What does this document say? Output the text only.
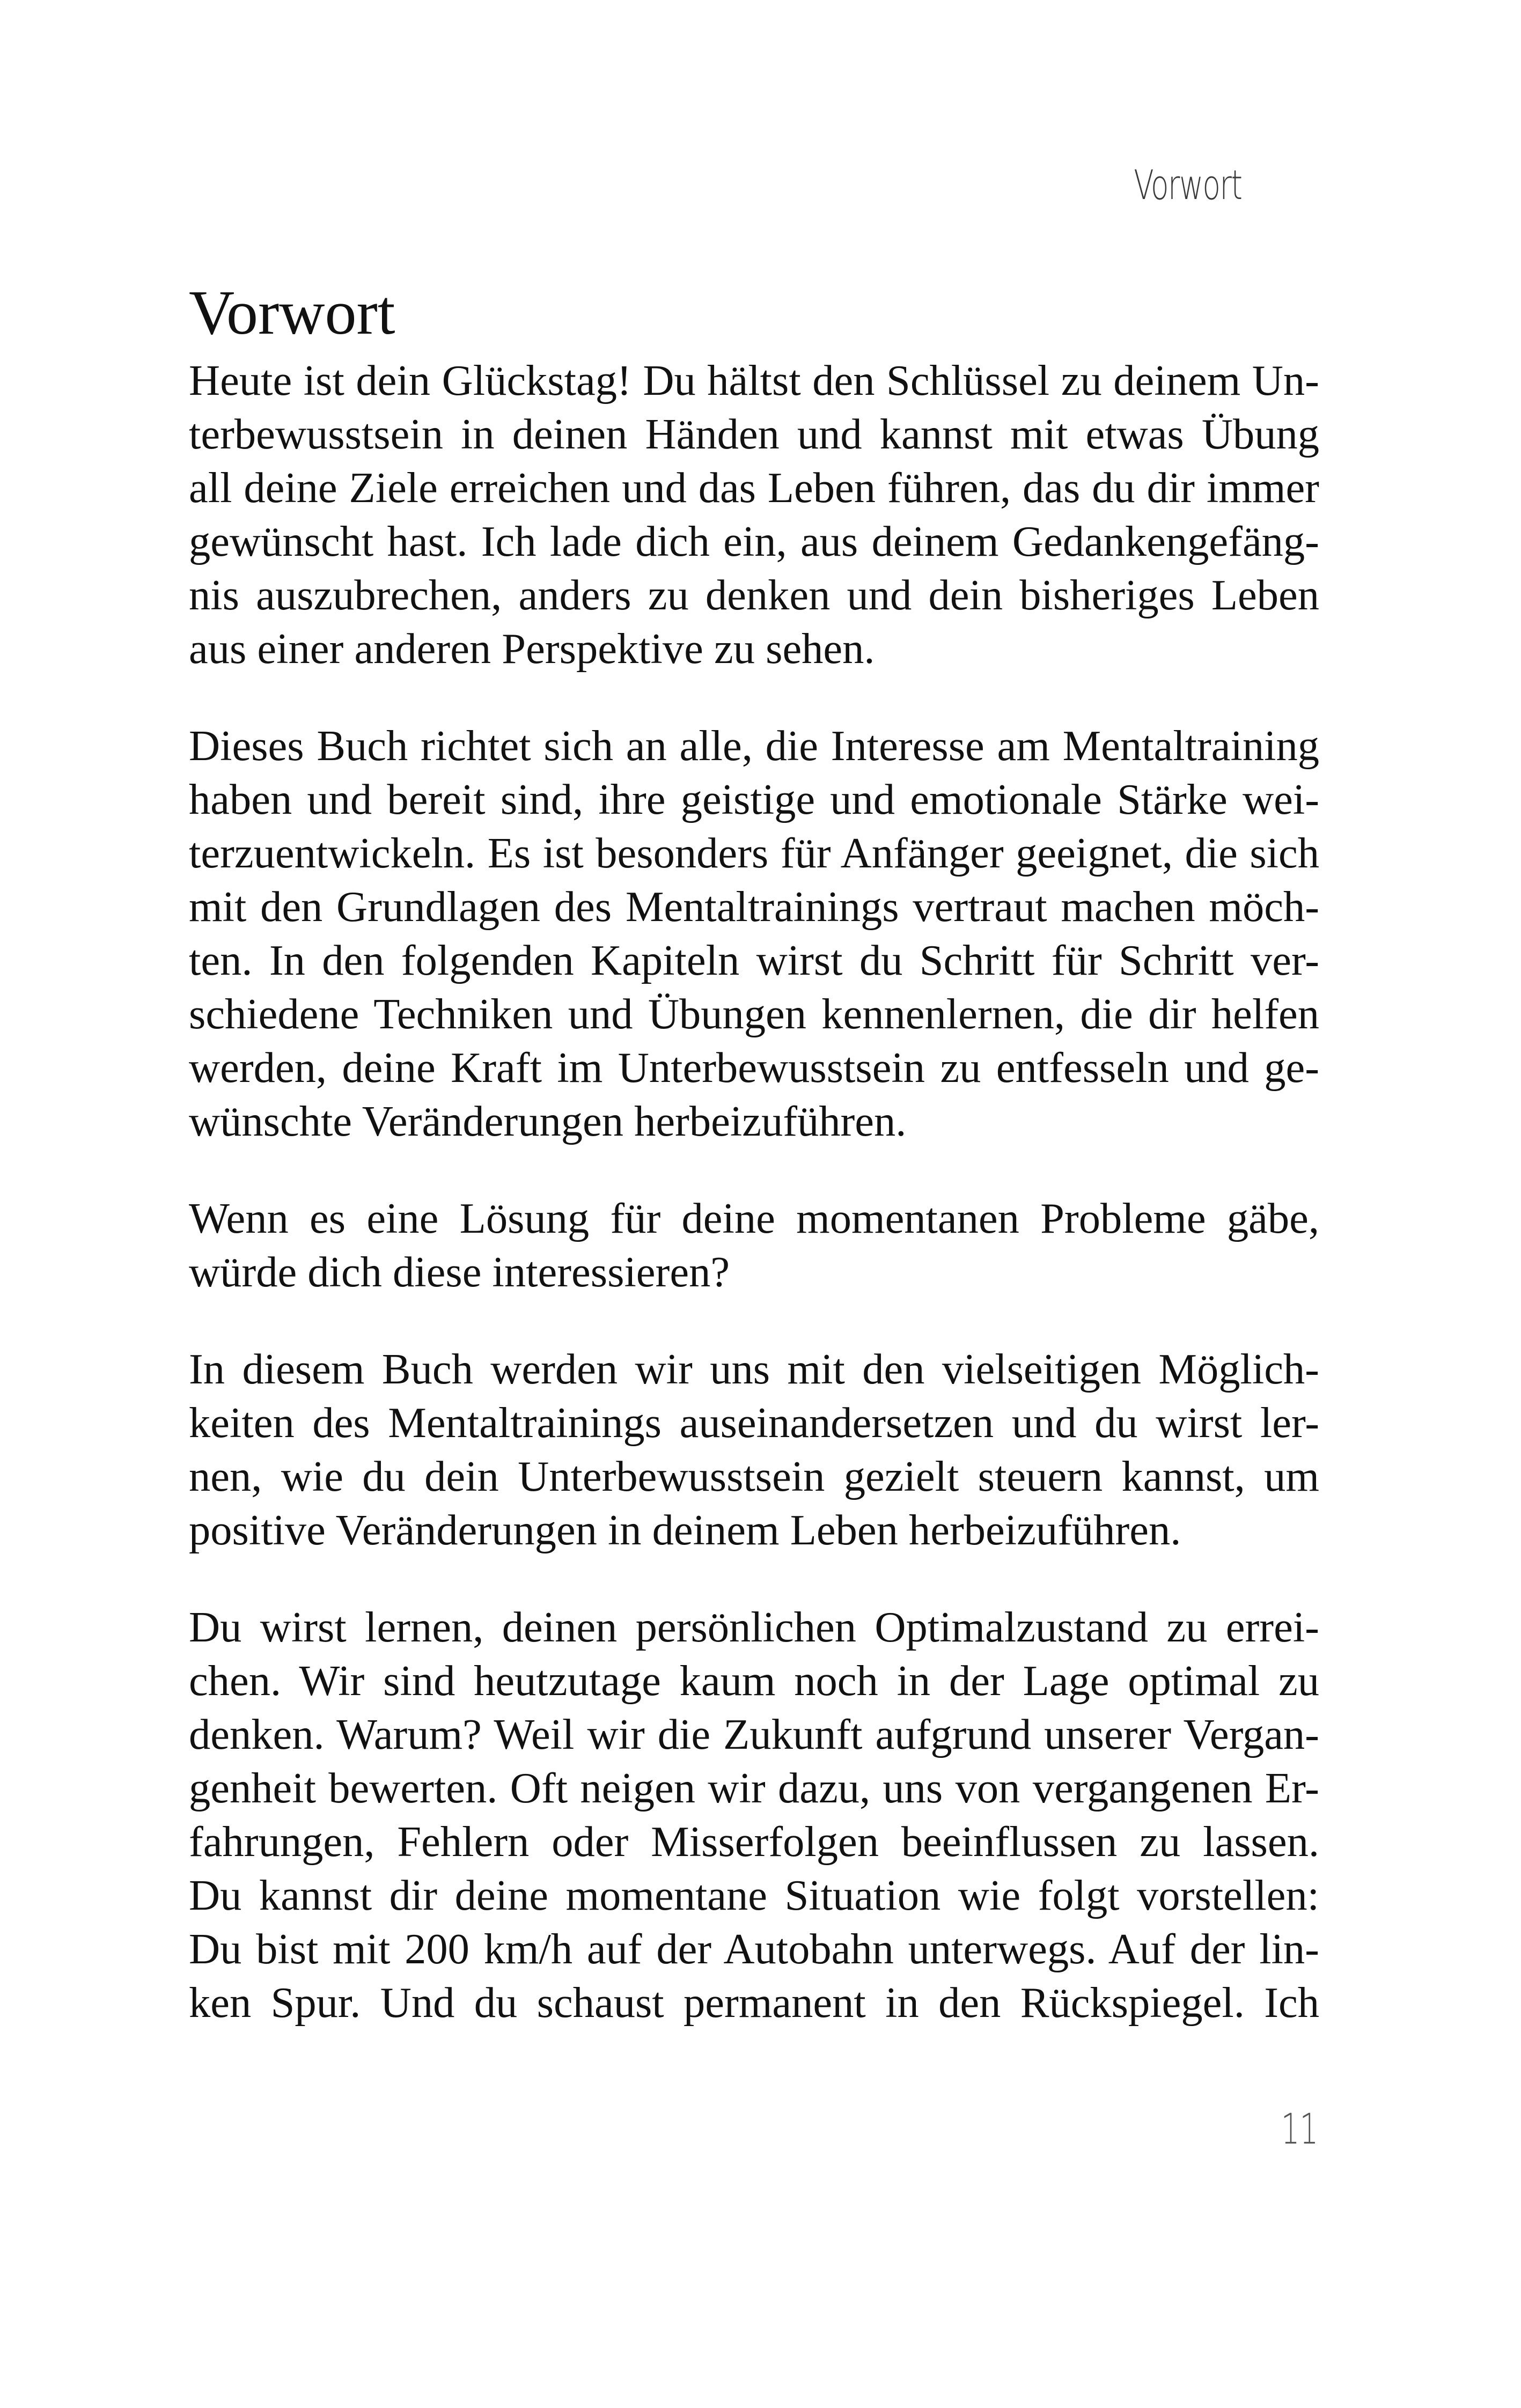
Vorwort
Vorwort

Heute ist dein Glückstag! Du hältst den Schlüssel zu deinem Un-
terbewusstsein in deinen Händen und kannst mit etwas Übung
all deine Ziele erreichen und das Leben führen, das du dir immer
gewünscht hast. Ich lade dich ein, aus deinem Gedankengefäng-
nis auszubrechen, anders zu denken und dein bisheriges Leben
aus einer anderen Perspektive zu sehen.

Dieses Buch richtet sich an alle, die Interesse am Mentaltraining
haben und bereit sind, ihre geistige und emotionale Stärke wei-
terzuentwickeln. Es ist besonders für Anfänger geeignet, die sich
mit den Grundlagen des Mentaltrainings vertraut machen möch-
ten. In den folgenden Kapiteln wirst du Schritt für Schritt ver-
schiedene Techniken und Übungen kennenlernen, die dir helfen
werden, deine Kraft im Unterbewusstsein zu entfesseln und ge-
wünschte Veränderungen herbeizuführen.

Wenn es eine Lösung für deine momentanen Probleme gäbe,
würde dich diese interessieren?

In diesem Buch werden wir uns mit den vielseitigen Möglich-
keiten des Mentaltrainings auseinandersetzen und du wirst ler-
nen, wie du dein Unterbewusstsein gezielt steuern kannst, um
positive Veränderungen in deinem Leben herbeizuführen.

Du wirst lernen, deinen persönlichen Optimalzustand zu errei-
chen. Wir sind heutzutage kaum noch in der Lage optimal zu
denken. Warum? Weil wir die Zukunft aufgrund unserer Vergan-
genheit bewerten. Oft neigen wir dazu, uns von vergangenen Er-
fahrungen, Fehlern oder Misserfolgen beeinflussen zu lassen.
Du kannst dir deine momentane Situation wie folgt vorstellen:
Du bist mit 200 km/h auf der Autobahn unterwegs. Auf der lin-
ken Spur. Und du schaust permanent in den Rückspiegel. Ich

11
